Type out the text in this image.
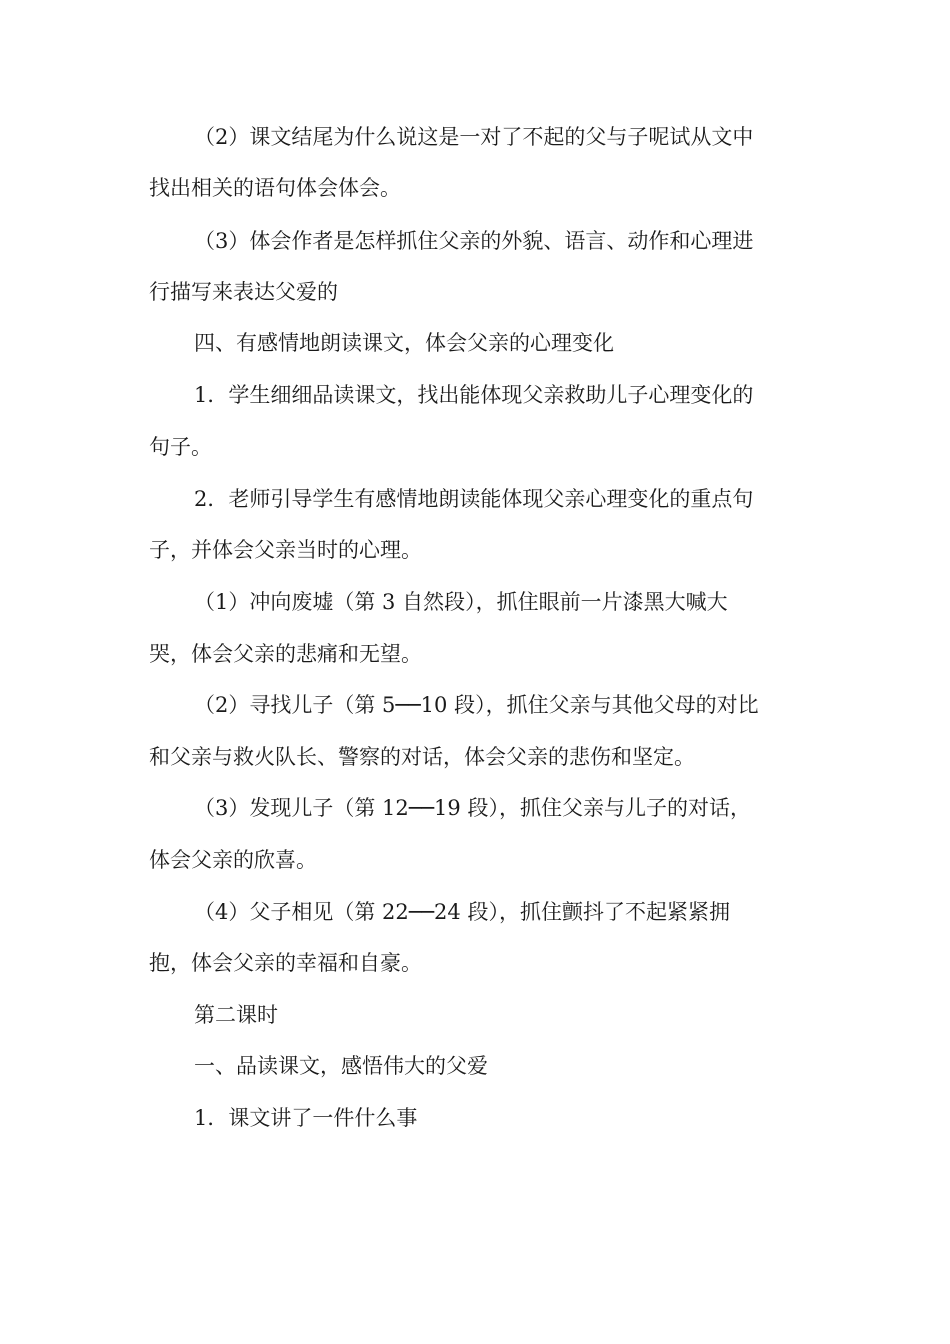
（2）课文结尾为什么说这是一对了不起的父与子呢试从文中
找出相关的语句体会体会。
（3）体会作者是怎样抓住父亲的外貌、语言、动作和心理进
行描写来表达父爱的
四、有感情地朗读课文，体会父亲的心理变化
1．学生细细品读课文，找出能体现父亲救助儿子心理变化的
句子。
2．老师引导学生有感情地朗读能体现父亲心理变化的重点句
子，并体会父亲当时的心理。
（1）冲向废墟（第 3 自然段），抓住眼前一片漆黑大喊大
哭，体会父亲的悲痛和无望。
（2）寻找儿子（第 5──10 段），抓住父亲与其他父母的对比
和父亲与救火队长、警察的对话，体会父亲的悲伤和坚定。
（3）发现儿子（第 12──19 段），抓住父亲与儿子的对话，
体会父亲的欣喜。
（4）父子相见（第 22──24 段），抓住颤抖了不起紧紧拥
抱，体会父亲的幸福和自豪。
第二课时
一、品读课文，感悟伟大的父爱
1．课文讲了一件什么事
